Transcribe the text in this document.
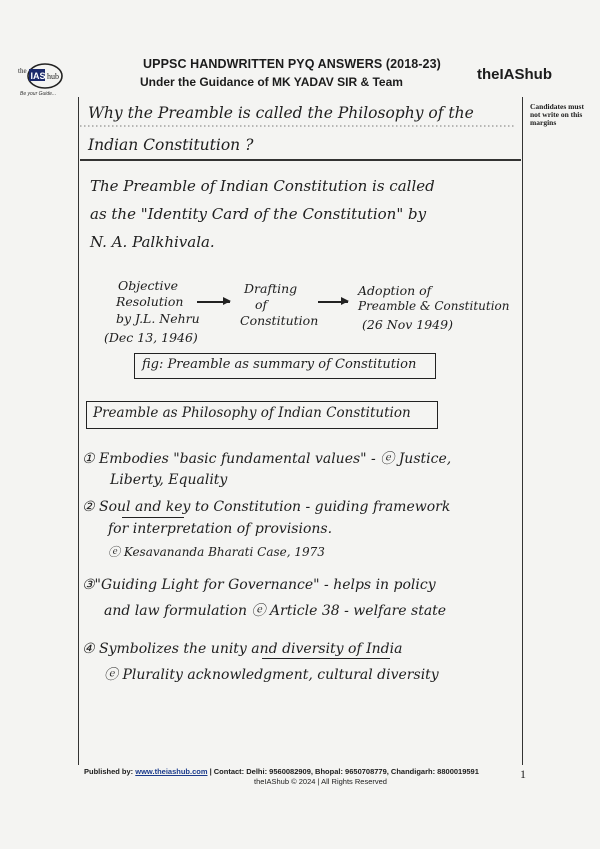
the IAS hub
Be your Guide...
UPPSC HANDWRITTEN PYQ ANSWERS (2018-23)
Under the Guidance of MK YADAV SIR & Team	theIAShub
Candidates must not write on this margins
Why the Preamble is called the Philosophy of the
Indian Constitution ?
The Preamble of Indian Constitution is called
as the "Identity Card of the Constitution" by
N. A. Palkhivala.
Objective
Resolution
by J.L. Nehru
(Dec 13, 1946)
Drafting
of
Constitution
Adoption of
Preamble & Constitution
(26 Nov 1949)
fig: Preamble as summary of Constitution
Preamble as Philosophy of Indian Constitution
① Embodies "basic fundamental values" - ⓔ Justice,
Liberty, Equality
② Soul and key to Constitution - guiding framework
for interpretation of provisions.
ⓔ Kesavananda Bharati Case, 1973
③"Guiding Light for Governance" - helps in policy
and law formulation ⓔ Article 38 - welfare state
④ Symbolizes the unity and diversity of India
ⓔ Plurality acknowledgment, cultural diversity
Published by: www.theiashub.com | Contact: Delhi: 9560082909, Bhopal: 9650708779, Chandigarh: 8800019591
theIAShub © 2024 | All Rights Reserved
1
